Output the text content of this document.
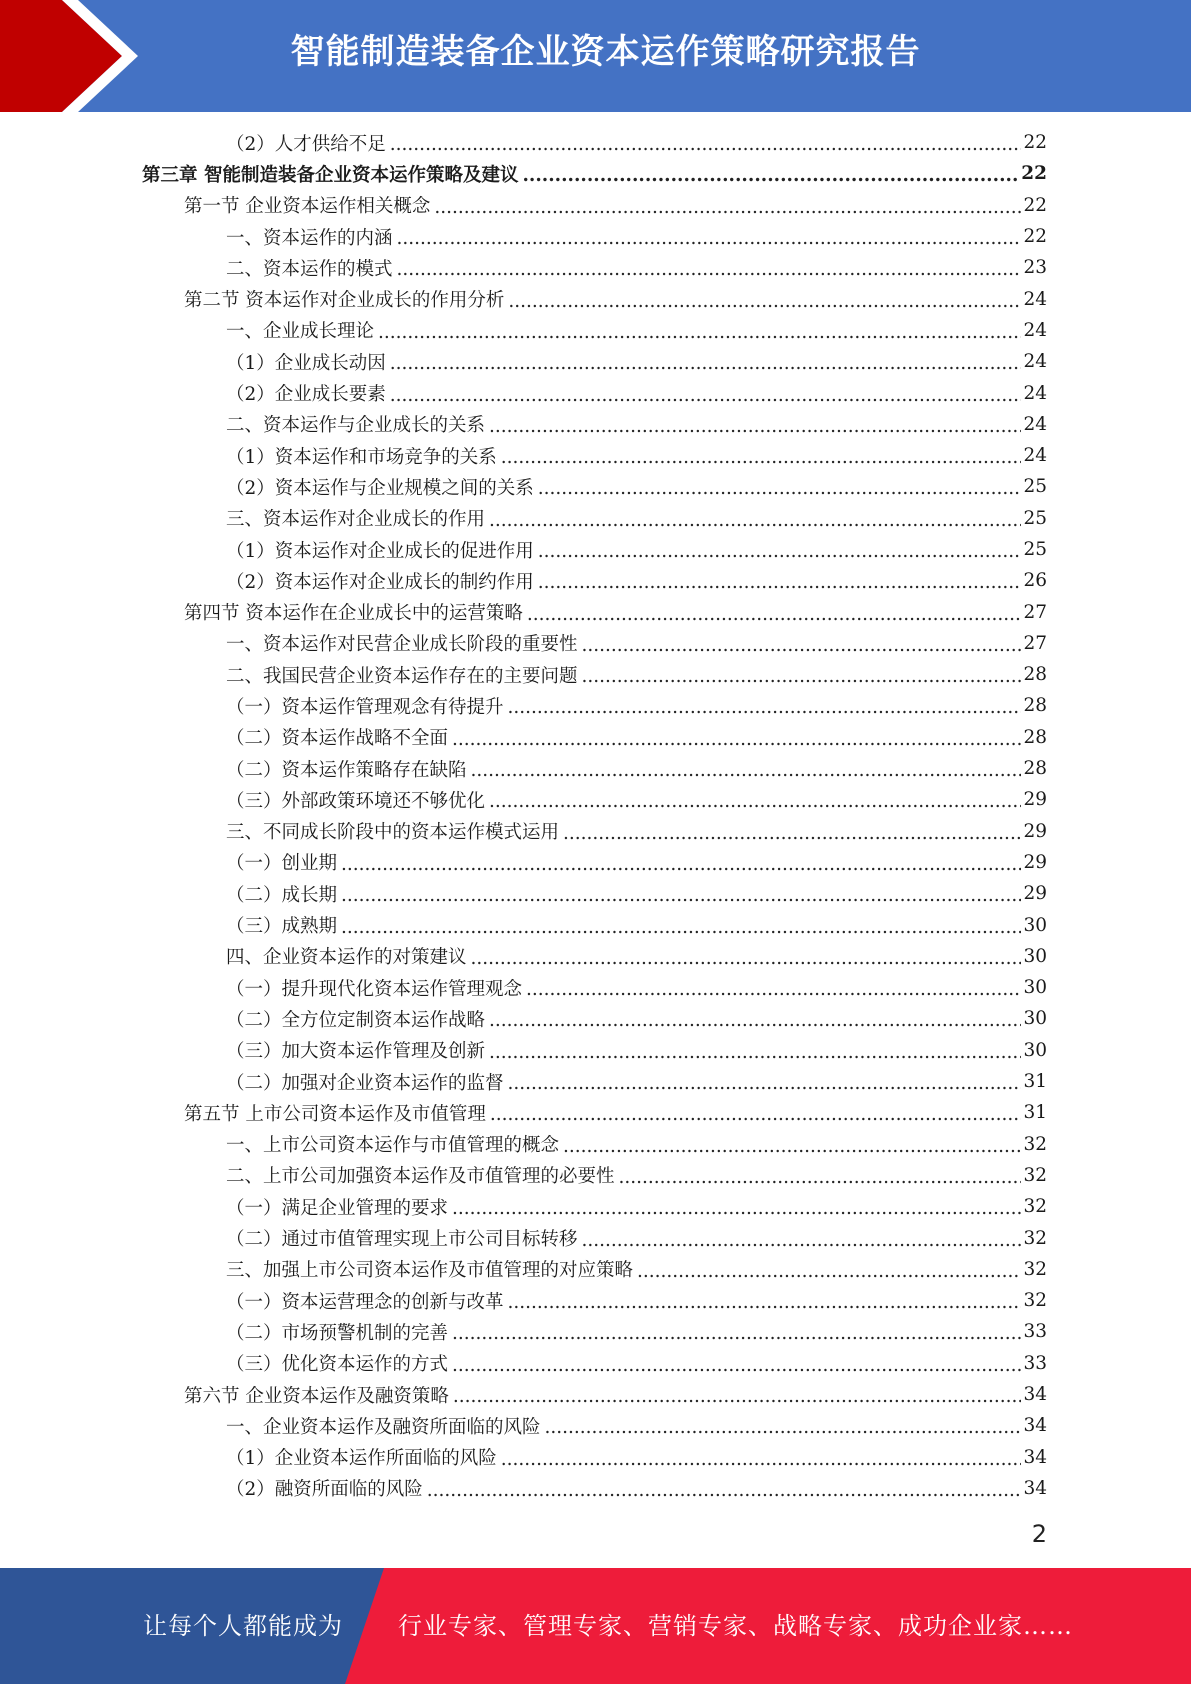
智能制造装备企业资本运作策略研究报告
（2）人才供给不足 .....	22
第三章 智能制造装备企业资本运作策略及建议 .....	22
第一节 企业资本运作相关概念 .....	22
一、资本运作的内涵 .....	22
二、资本运作的模式 .....	23
第二节 资本运作对企业成长的作用分析 .....	24
一、企业成长理论 .....	24
（1）企业成长动因 .....	24
（2）企业成长要素 .....	24
二、资本运作与企业成长的关系 .....	24
（1）资本运作和市场竞争的关系 .....	24
（2）资本运作与企业规模之间的关系 .....	25
三、资本运作对企业成长的作用 .....	25
（1）资本运作对企业成长的促进作用 .....	25
（2）资本运作对企业成长的制约作用 .....	26
第四节 资本运作在企业成长中的运营策略 .....	27
一、资本运作对民营企业成长阶段的重要性 .....	27
二、我国民营企业资本运作存在的主要问题 .....	28
（一）资本运作管理观念有待提升 .....	28
（二）资本运作战略不全面 .....	28
（二）资本运作策略存在缺陷 .....	28
（三）外部政策环境还不够优化 .....	29
三、不同成长阶段中的资本运作模式运用 .....	29
（一）创业期 .....	29
（二）成长期 .....	29
（三）成熟期 .....	30
四、企业资本运作的对策建议 .....	30
（一）提升现代化资本运作管理观念 .....	30
（二）全方位定制资本运作战略 .....	30
（三）加大资本运作管理及创新 .....	30
（二）加强对企业资本运作的监督 .....	31
第五节 上市公司资本运作及市值管理 .....	31
一、上市公司资本运作与市值管理的概念 .....	32
二、上市公司加强资本运作及市值管理的必要性 .....	32
（一）满足企业管理的要求 .....	32
（二）通过市值管理实现上市公司目标转移 .....	32
三、加强上市公司资本运作及市值管理的对应策略 .....	32
（一）资本运营理念的创新与改革 .....	32
（二）市场预警机制的完善 .....	33
（三）优化资本运作的方式 .....	33
第六节 企业资本运作及融资策略 .....	34
一、企业资本运作及融资所面临的风险 .....	34
（1）企业资本运作所面临的风险 .....	34
（2）融资所面临的风险 .....	34
2
让每个人都能成为 行业专家、管理专家、营销专家、战略专家、成功企业家……
